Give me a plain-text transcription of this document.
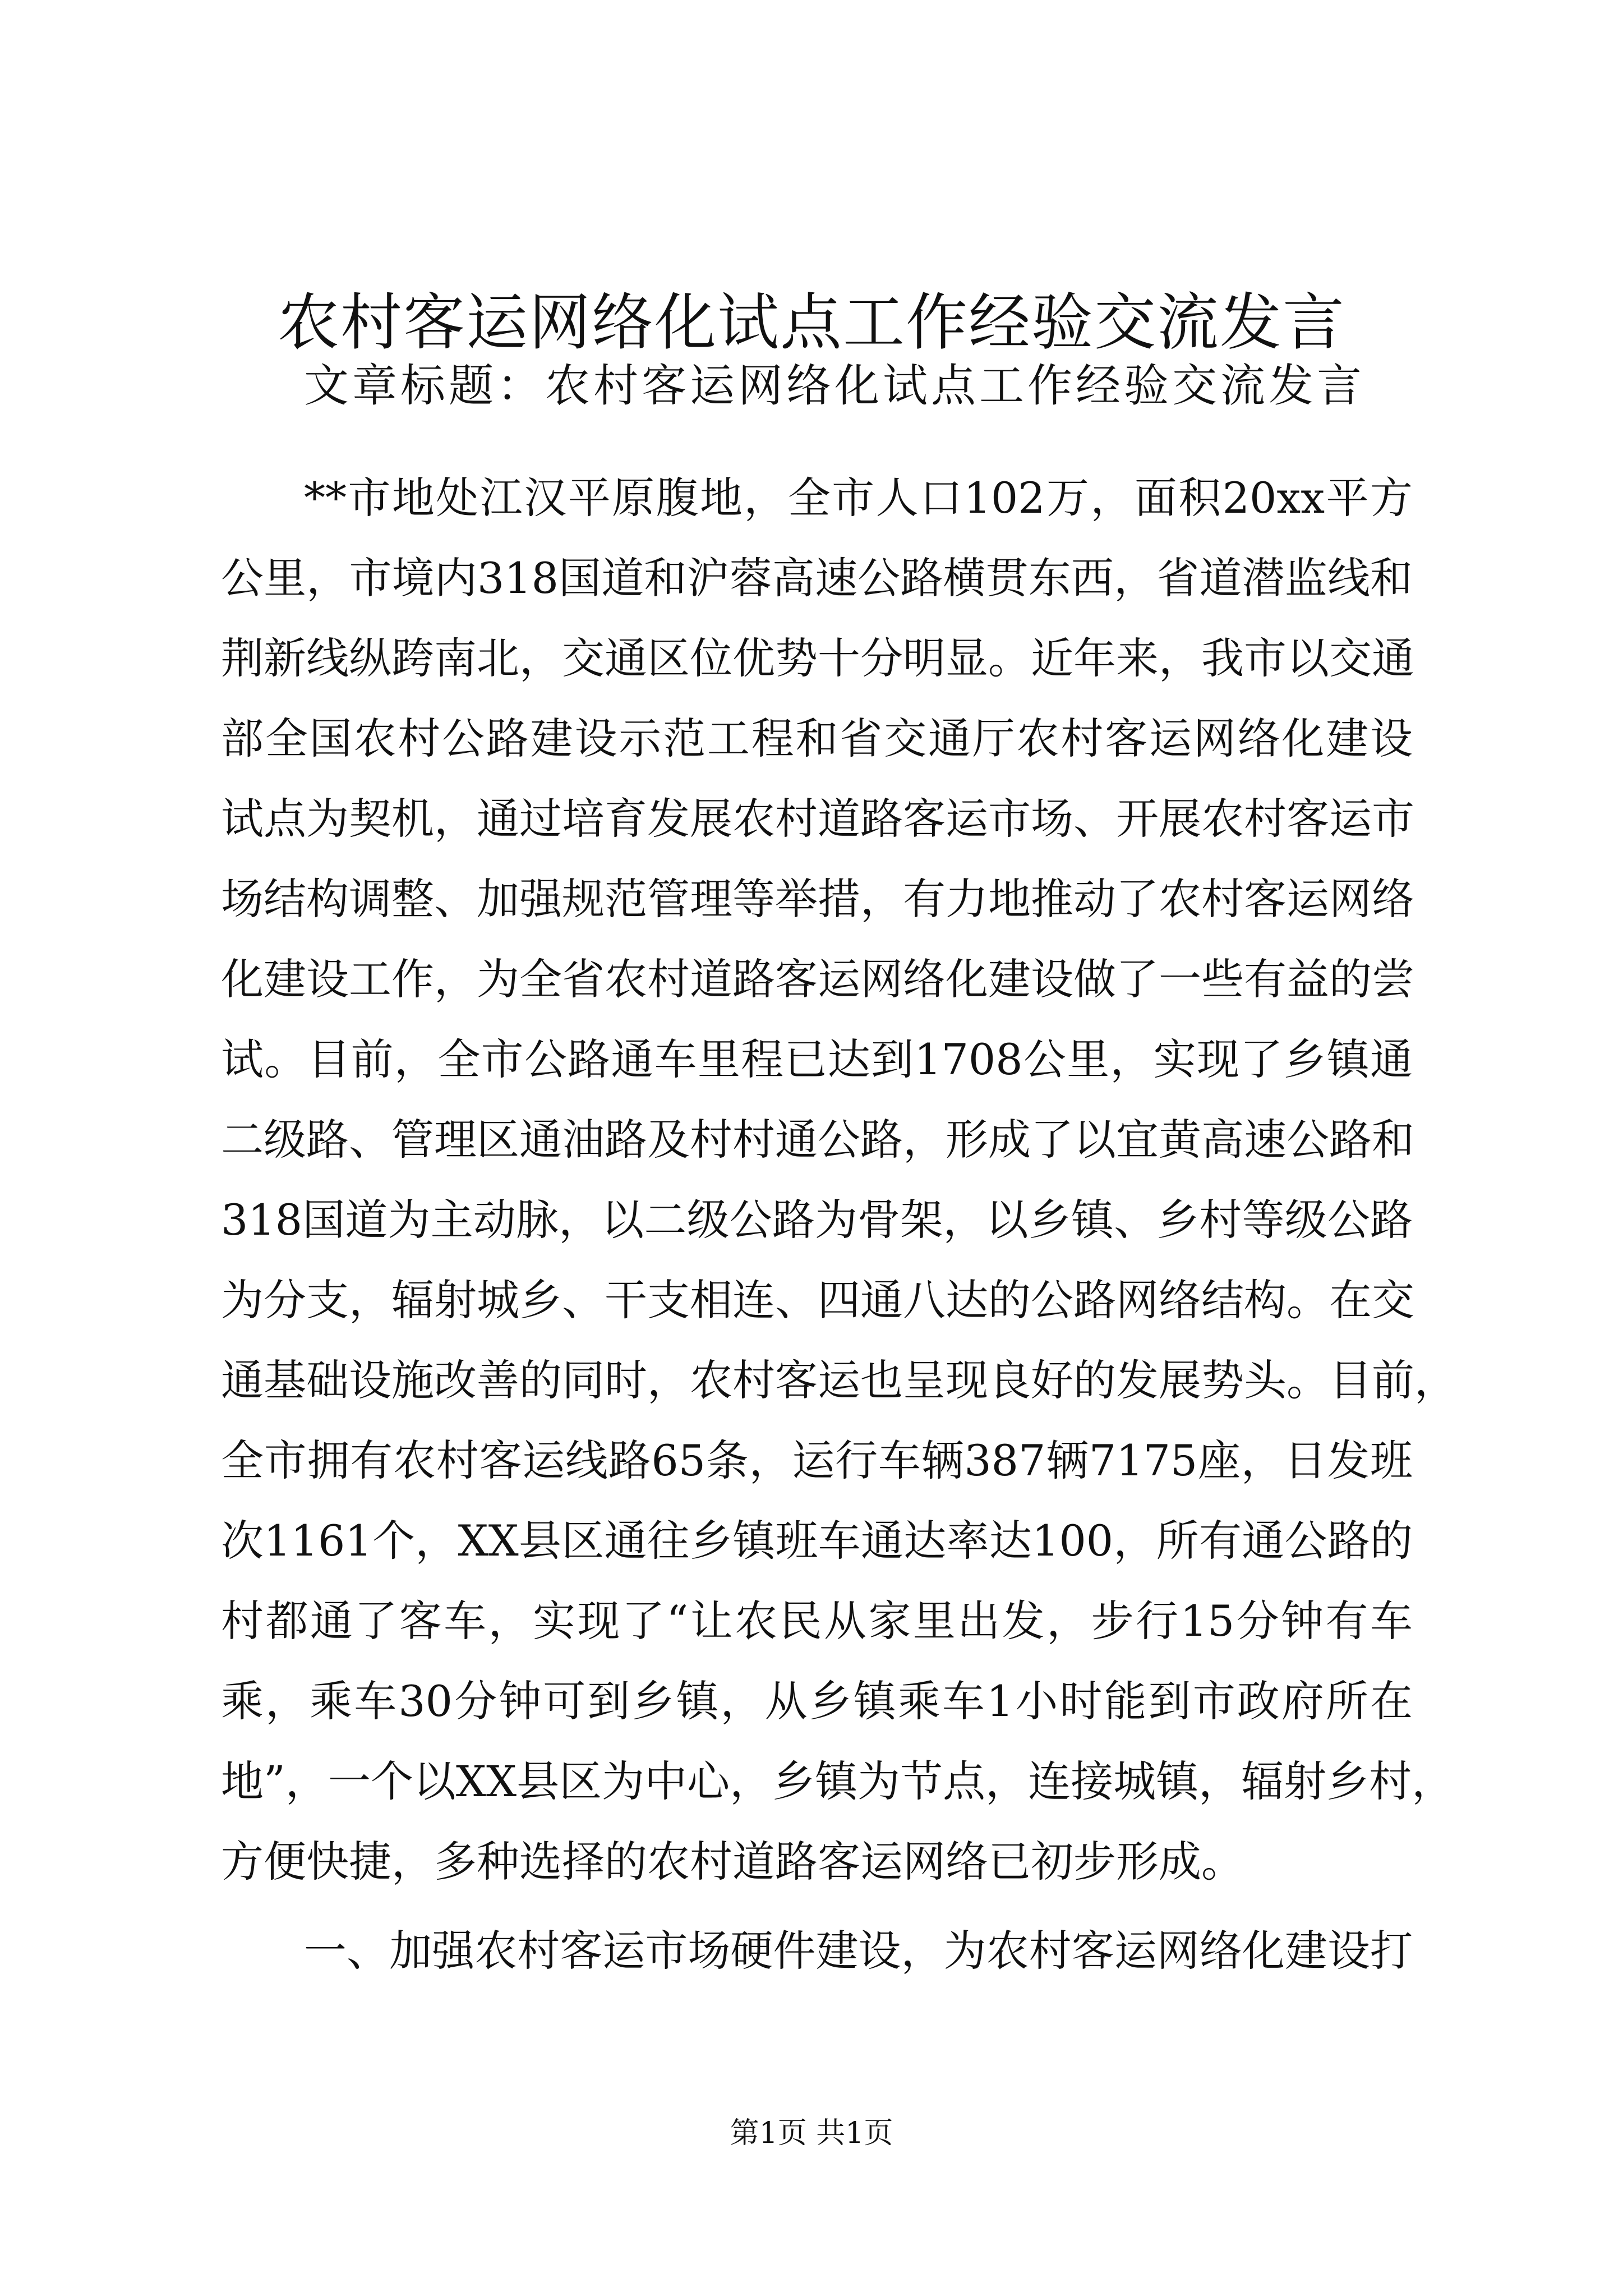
农村客运网络化试点工作经验交流发言

文章标题：农村客运网络化试点工作经验交流发言

**市地处江汉平原腹地，全市人口102万，面积20xx平方
公里，市境内318国道和沪蓉高速公路横贯东西，省道潜监线和
荆新线纵跨南北，交通区位优势十分明显。近年来，我市以交通
部全国农村公路建设示范工程和省交通厅农村客运网络化建设
试点为契机，通过培育发展农村道路客运市场、开展农村客运市
场结构调整、加强规范管理等举措，有力地推动了农村客运网络
化建设工作，为全省农村道路客运网络化建设做了一些有益的尝
试。目前，全市公路通车里程已达到1708公里，实现了乡镇通
二级路、管理区通油路及村村通公路，形成了以宜黄高速公路和
318国道为主动脉，以二级公路为骨架，以乡镇、乡村等级公路
为分支，辐射城乡、干支相连、四通八达的公路网络结构。在交
通基础设施改善的同时，农村客运也呈现良好的发展势头。目前，
全市拥有农村客运线路65条，运行车辆387辆7175座，日发班
次1161个，XX县区通往乡镇班车通达率达100，所有通公路的
村都通了客车，实现了“让农民从家里出发，步行15分钟有车
乘，乘车30分钟可到乡镇，从乡镇乘车1小时能到市政府所在
地”，一个以XX县区为中心，乡镇为节点，连接城镇，辐射乡村，
方便快捷，多种选择的农村道路客运网络已初步形成。
一、加强农村客运市场硬件建设，为农村客运网络化建设打
第1页 共1页
